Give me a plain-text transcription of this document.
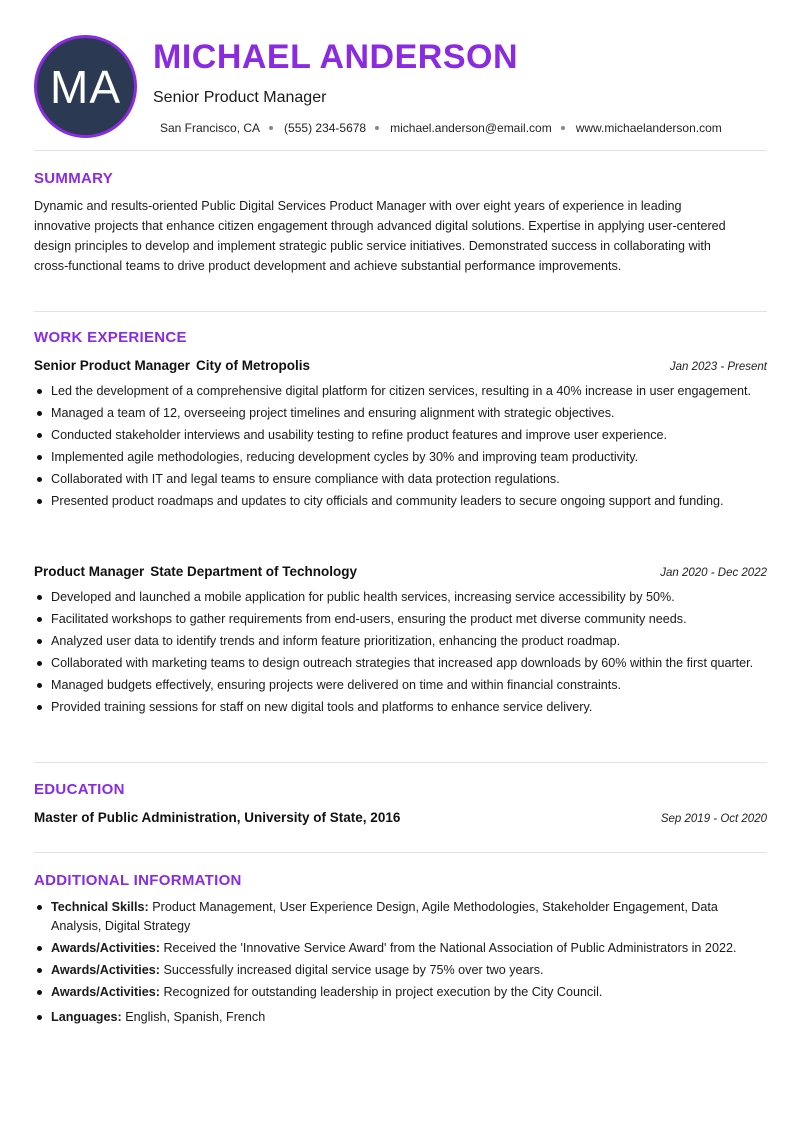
MA
MICHAEL ANDERSON
Senior Product Manager
San Francisco, CA (555) 234-5678 michael.anderson@email.com www.michaelanderson.com
SUMMARY
Dynamic and results-oriented Public Digital Services Product Manager with over eight years of experience in leading innovative projects that enhance citizen engagement through advanced digital solutions. Expertise in applying user-centered design principles to develop and implement strategic public service initiatives. Demonstrated success in collaborating with cross-functional teams to drive product development and achieve substantial performance improvements.
WORK EXPERIENCE
Senior Product Manager City of Metropolis	Jan 2023 - Present
Led the development of a comprehensive digital platform for citizen services, resulting in a 40% increase in user engagement.
Managed a team of 12, overseeing project timelines and ensuring alignment with strategic objectives.
Conducted stakeholder interviews and usability testing to refine product features and improve user experience.
Implemented agile methodologies, reducing development cycles by 30% and improving team productivity.
Collaborated with IT and legal teams to ensure compliance with data protection regulations.
Presented product roadmaps and updates to city officials and community leaders to secure ongoing support and funding.
Product Manager State Department of Technology	Jan 2020 - Dec 2022
Developed and launched a mobile application for public health services, increasing service accessibility by 50%.
Facilitated workshops to gather requirements from end-users, ensuring the product met diverse community needs.
Analyzed user data to identify trends and inform feature prioritization, enhancing the product roadmap.
Collaborated with marketing teams to design outreach strategies that increased app downloads by 60% within the first quarter.
Managed budgets effectively, ensuring projects were delivered on time and within financial constraints.
Provided training sessions for staff on new digital tools and platforms to enhance service delivery.
EDUCATION
Master of Public Administration, University of State, 2016	Sep 2019 - Oct 2020
ADDITIONAL INFORMATION
Technical Skills: Product Management, User Experience Design, Agile Methodologies, Stakeholder Engagement, Data Analysis, Digital Strategy
Awards/Activities: Received the 'Innovative Service Award' from the National Association of Public Administrators in 2022.
Awards/Activities: Successfully increased digital service usage by 75% over two years.
Awards/Activities: Recognized for outstanding leadership in project execution by the City Council.
Languages: English, Spanish, French
